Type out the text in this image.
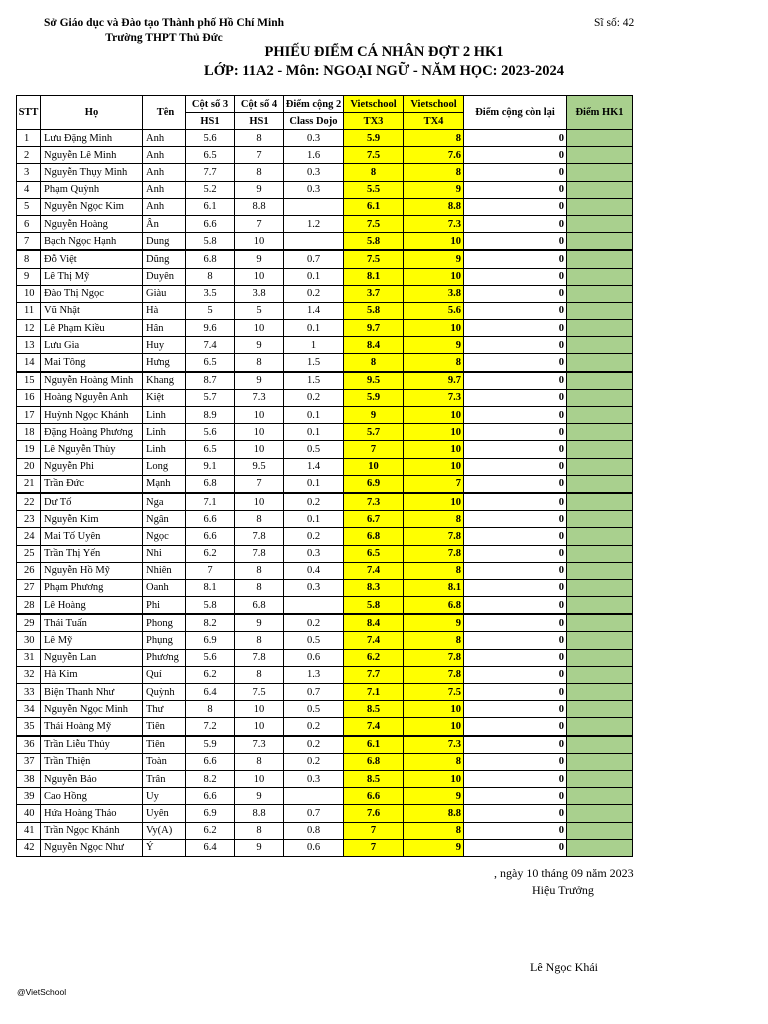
Sở Giáo dục và Đào tạo Thành phố Hồ Chí Minh
Trường THPT Thủ Đức
Sĩ số: 42
PHIẾU ĐIỂM CÁ NHÂN ĐỢT 2 HK1
LỚP: 11A2 - Môn: NGOẠI NGỮ - NĂM HỌC: 2023-2024
STT	Họ	Tên	Cột số 3	Cột số 4	Điểm cộng 2	Vietschool	Vietschool	Điểm cộng còn lại	Điểm HK1
			HS1	HS1	Class Dojo	TX3	TX4		
1	Lưu Đặng Minh	Anh	5.6	8	0.3	5.9	8	0	
2	Nguyễn Lê Minh	Anh	6.5	7	1.6	7.5	7.6	0	
3	Nguyễn Thụy Minh	Anh	7.7	8	0.3	8	8	0	
4	Phạm Quỳnh	Anh	5.2	9	0.3	5.5	9	0	
5	Nguyễn Ngọc Kim	Anh	6.1	8.8		6.1	8.8	0	
6	Nguyễn Hoàng	Ân	6.6	7	1.2	7.5	7.3	0	
7	Bạch Ngọc Hạnh	Dung	5.8	10		5.8	10	0	
8	Đỗ Việt	Dũng	6.8	9	0.7	7.5	9	0	
9	Lê Thị Mỹ	Duyên	8	10	0.1	8.1	10	0	
10	Đào Thị Ngọc	Giàu	3.5	3.8	0.2	3.7	3.8	0	
11	Vũ Nhật	Hà	5	5	1.4	5.8	5.6	0	
12	Lê Phạm Kiều	Hân	9.6	10	0.1	9.7	10	0	
13	Lưu Gia	Huy	7.4	9	1	8.4	9	0	
14	Mai Tông	Hưng	6.5	8	1.5	8	8	0	
15	Nguyễn Hoàng Minh	Khang	8.7	9	1.5	9.5	9.7	0	
16	Hoàng Nguyễn Anh	Kiệt	5.7	7.3	0.2	5.9	7.3	0	
17	Huỳnh Ngọc Khánh	Linh	8.9	10	0.1	9	10	0	
18	Đặng Hoàng Phương	Linh	5.6	10	0.1	5.7	10	0	
19	Lê Nguyễn Thùy	Linh	6.5	10	0.5	7	10	0	
20	Nguyễn Phi	Long	9.1	9.5	1.4	10	10	0	
21	Trần Đức	Mạnh	6.8	7	0.1	6.9	7	0	
22	Dư Tố	Nga	7.1	10	0.2	7.3	10	0	
23	Nguyễn Kim	Ngân	6.6	8	0.1	6.7	8	0	
24	Mai Tố Uyên	Ngọc	6.6	7.8	0.2	6.8	7.8	0	
25	Trần Thị Yến	Nhi	6.2	7.8	0.3	6.5	7.8	0	
26	Nguyễn Hồ Mỹ	Nhiên	7	8	0.4	7.4	8	0	
27	Phạm Phương	Oanh	8.1	8	0.3	8.3	8.1	0	
28	Lê Hoàng	Phi	5.8	6.8		5.8	6.8	0	
29	Thái Tuấn	Phong	8.2	9	0.2	8.4	9	0	
30	Lê Mỹ	Phụng	6.9	8	0.5	7.4	8	0	
31	Nguyễn Lan	Phương	5.6	7.8	0.6	6.2	7.8	0	
32	Hà Kim	Quí	6.2	8	1.3	7.7	7.8	0	
33	Biện Thanh Như	Quỳnh	6.4	7.5	0.7	7.1	7.5	0	
34	Nguyễn Ngọc Minh	Thư	8	10	0.5	8.5	10	0	
35	Thái Hoàng Mỹ	Tiên	7.2	10	0.2	7.4	10	0	
36	Trần Liễu Thủy	Tiên	5.9	7.3	0.2	6.1	7.3	0	
37	Trần Thiện	Toàn	6.6	8	0.2	6.8	8	0	
38	Nguyễn Bảo	Trân	8.2	10	0.3	8.5	10	0	
39	Cao Hồng	Uy	6.6	9		6.6	9	0	
40	Hứa Hoàng Thảo	Uyên	6.9	8.8	0.7	7.6	8.8	0	
41	Trần Ngọc Khánh	Vy(A)	6.2	8	0.8	7	8	0	
42	Nguyễn Ngọc Như	Ý	6.4	9	0.6	7	9	0	
, ngày 10 tháng 09 năm 2023
Hiệu Trưởng
Lê Ngọc Khái
@VietSchool
